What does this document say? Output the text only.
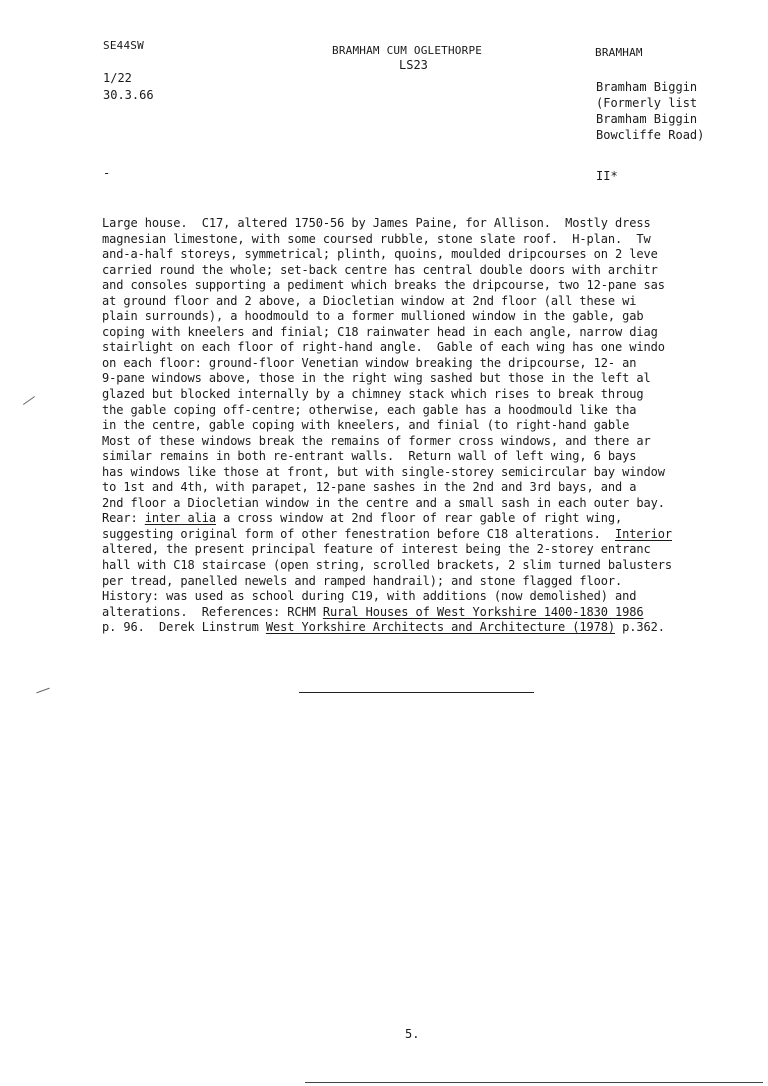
SE44SW
1/22
30.3.66
-
BRAMHAM CUM OGLETHORPE
LS23
BRAMHAM
Bramham Biggin
(Formerly list
Bramham Biggin
Bowcliffe Road)
II*
Large house.  C17, altered 1750-56 by James Paine, for Allison.  Mostly dress
magnesian limestone, with some coursed rubble, stone slate roof.  H-plan.  Tw
and-a-half storeys, symmetrical; plinth, quoins, moulded dripcourses on 2 leve
carried round the whole; set-back centre has central double doors with architr
and consoles supporting a pediment which breaks the dripcourse, two 12-pane sas
at ground floor and 2 above, a Diocletian window at 2nd floor (all these wi
plain surrounds), a hoodmould to a former mullioned window in the gable, gab
coping with kneelers and finial; C18 rainwater head in each angle, narrow diag
stairlight on each floor of right-hand angle.  Gable of each wing has one windo
on each floor: ground-floor Venetian window breaking the dripcourse, 12- an
9-pane windows above, those in the right wing sashed but those in the left al
glazed but blocked internally by a chimney stack which rises to break throug
the gable coping off-centre; otherwise, each gable has a hoodmould like tha
in the centre, gable coping with kneelers, and finial (to right-hand gable
Most of these windows break the remains of former cross windows, and there ar
similar remains in both re-entrant walls.  Return wall of left wing, 6 bays
has windows like those at front, but with single-storey semicircular bay window
to 1st and 4th, with parapet, 12-pane sashes in the 2nd and 3rd bays, and a
2nd floor a Diocletian window in the centre and a small sash in each outer bay.
Rear: inter alia a cross window at 2nd floor of rear gable of right wing,
suggesting original form of other fenestration before C18 alterations.  Interior
altered, the present principal feature of interest being the 2-storey entranc
hall with C18 staircase (open string, scrolled brackets, 2 slim turned balusters
per tread, panelled newels and ramped handrail); and stone flagged floor.
History: was used as school during C19, with additions (now demolished) and
alterations.  References: RCHM Rural Houses of West Yorkshire 1400-1830 1986
p. 96.  Derek Linstrum West Yorkshire Architects and Architecture (1978) p.362.
5.
